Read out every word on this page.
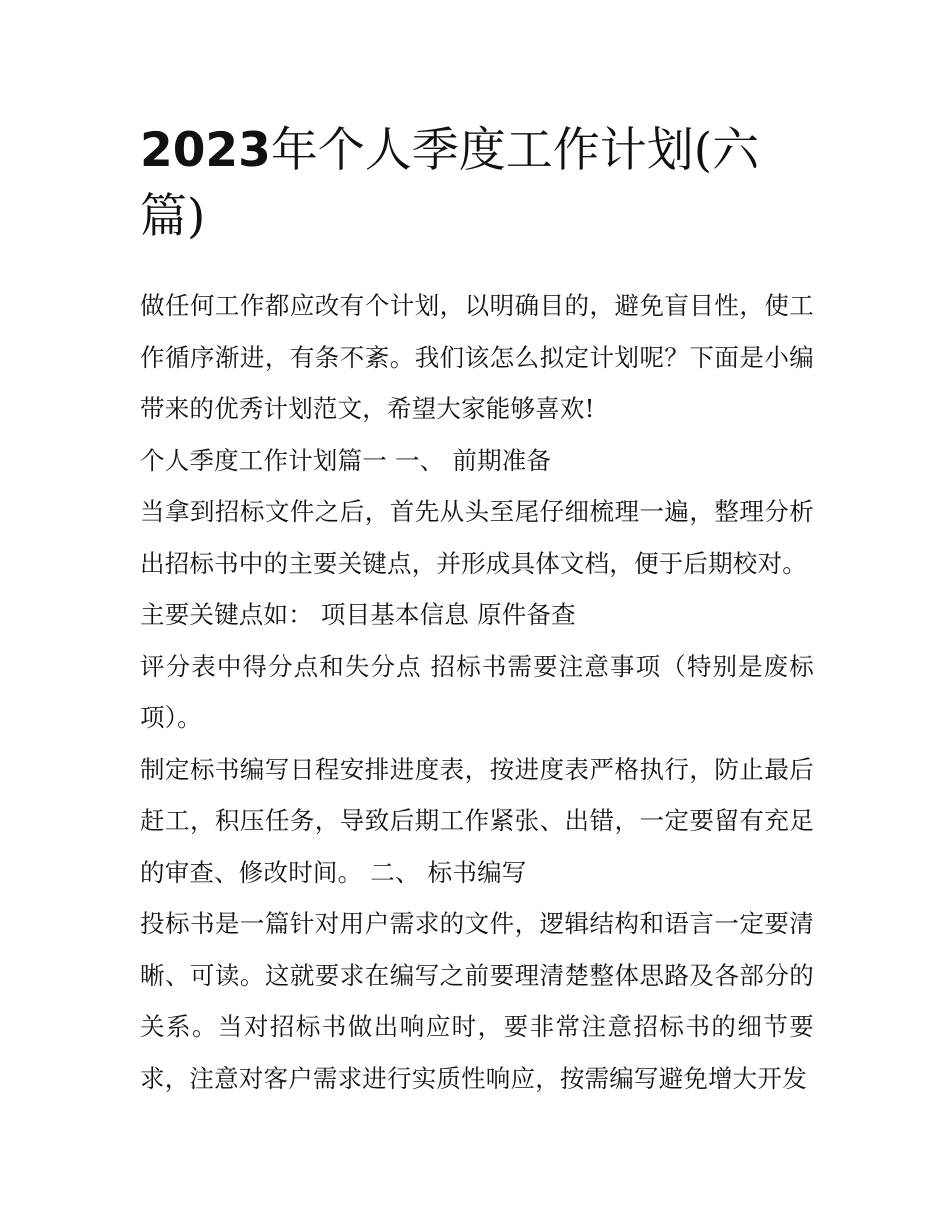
2023年个人季度工作计划(六篇)

做任何工作都应改有个计划，以明确目的，避免盲目性，使工作循序渐进，有条不紊。我们该怎么拟定计划呢？下面是小编带来的优秀计划范文，希望大家能够喜欢!

个人季度工作计划篇一 一、 前期准备

当拿到招标文件之后，首先从头至尾仔细梳理一遍，整理分析出招标书中的主要关键点，并形成具体文档，便于后期校对。

主要关键点如： 项目基本信息 原件备查

评分表中得分点和失分点 招标书需要注意事项（特别是废标项）。

制定标书编写日程安排进度表，按进度表严格执行，防止最后赶工，积压任务，导致后期工作紧张、出错，一定要留有充足的审查、修改时间。 二、 标书编写

投标书是一篇针对用户需求的文件，逻辑结构和语言一定要清晰、可读。这就要求在编写之前要理清楚整体思路及各部分的关系。当对招标书做出响应时，要非常注意招标书的细节要求，注意对客户需求进行实质性响应，按需编写避免增大开发
